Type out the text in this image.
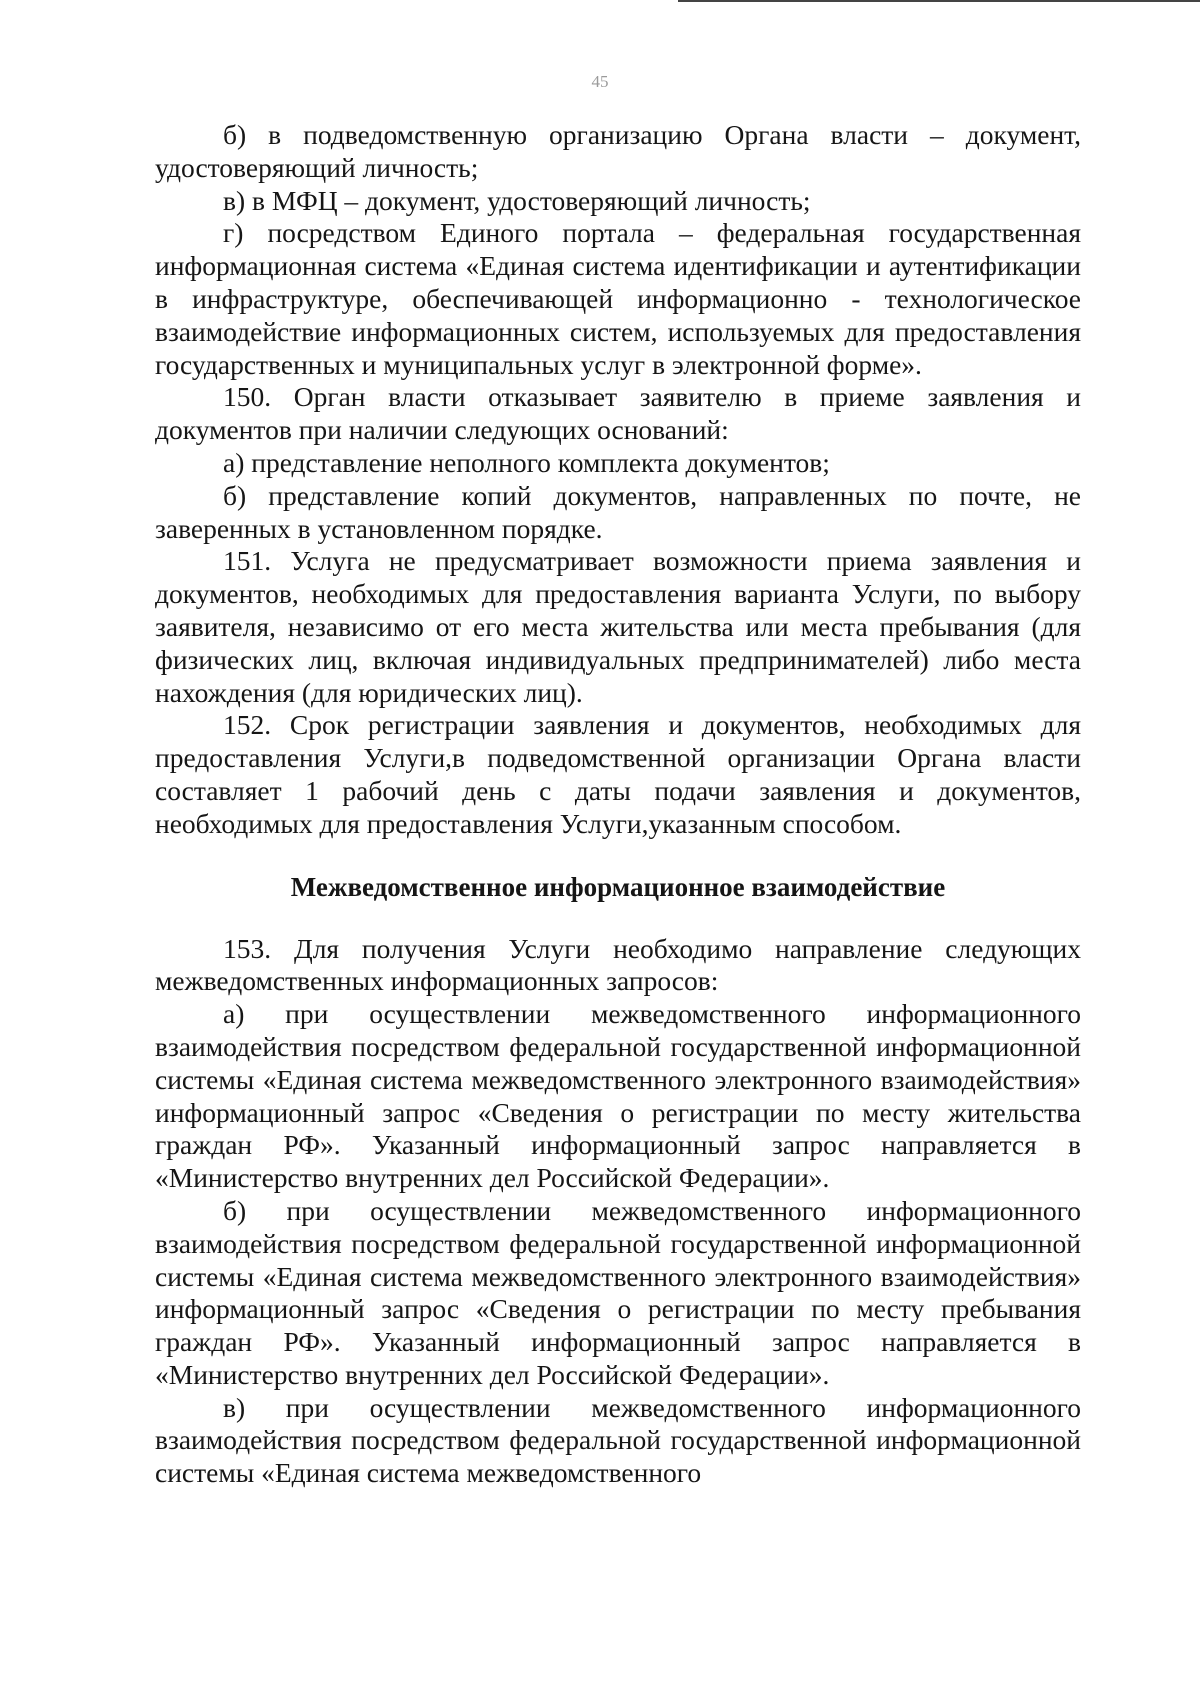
45

б) в подведомственную организацию Органа власти – документ, удостоверяющий личность;

в) в МФЦ – документ, удостоверяющий личность;

г) посредством Единого портала – федеральная государственная информационная система «Единая система идентификации и аутентификации в инфраструктуре, обеспечивающей информационно - технологическое взаимодействие информационных систем, используемых для предоставления государственных и муниципальных услуг в электронной форме».

150. Орган власти отказывает заявителю в приеме заявления и документов при наличии следующих оснований:

а) представление неполного комплекта документов;

б) представление копий документов, направленных по почте, не заверенных в установленном порядке.

151. Услуга не предусматривает возможности приема заявления и документов, необходимых для предоставления варианта Услуги, по выбору заявителя, независимо от его места жительства или места пребывания (для физических лиц, включая индивидуальных предпринимателей) либо места нахождения (для юридических лиц).

152. Срок регистрации заявления и документов, необходимых для предоставления Услуги,в подведомственной организации Органа власти составляет 1 рабочий день с даты подачи заявления и документов, необходимых для предоставления Услуги,указанным способом.

Межведомственное информационное взаимодействие

153. Для получения Услуги необходимо направление следующих межведомственных информационных запросов:

а) при осуществлении межведомственного информационного взаимодействия посредством федеральной государственной информационной системы «Единая система межведомственного электронного взаимодействия» информационный запрос «Сведения о регистрации по месту жительства граждан РФ». Указанный информационный запрос направляется в «Министерство внутренних дел Российской Федерации».

б) при осуществлении межведомственного информационного взаимодействия посредством федеральной государственной информационной системы «Единая система межведомственного электронного взаимодействия» информационный запрос «Сведения о регистрации по месту пребывания граждан РФ». Указанный информационный запрос направляется в «Министерство внутренних дел Российской Федерации».

в) при осуществлении межведомственного информационного взаимодействия посредством федеральной государственной информационной системы «Единая система межведомственного
